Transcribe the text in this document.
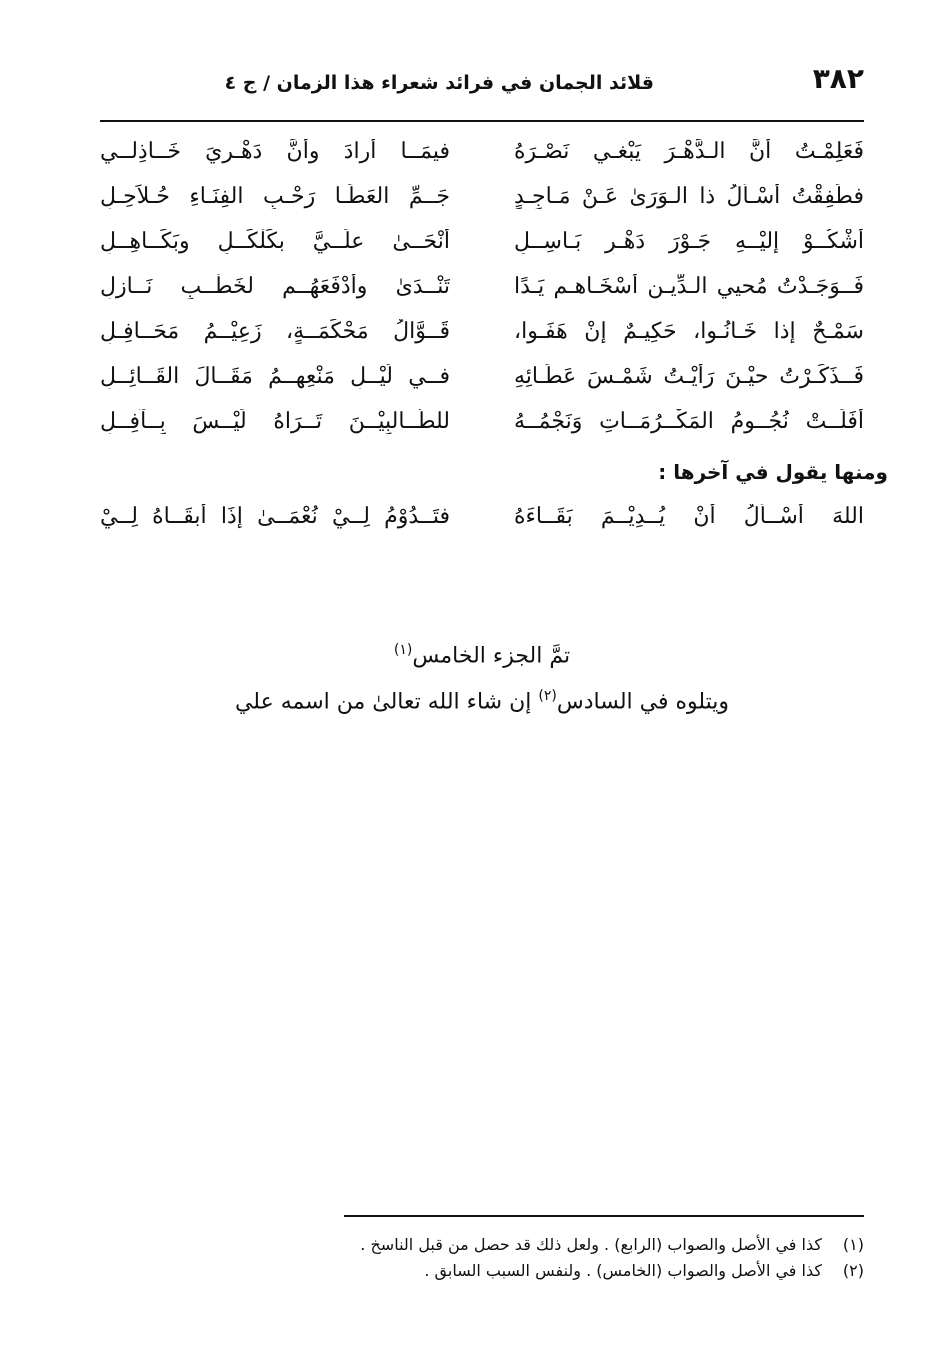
٣٨٢
قلائد الجمان في فرائد شعراء هذا الزمان / ج ٤
فَعَلِمْـتُ أنَّ الـدَّهْـرَ يَبْغـي نَصْـرَهُ
فيمَــا أرادَ وأنَّ دَهْـرِيَ خَــاذِلــي
فطَفِقْتُ أسْـأَلُ ذا الـوَرَىٰ عَـنْ مَـاجِـدٍ
جَــمِّ العَطَـا رَحْـبِ الفِنَـاءِ حُـلاَحِـلِ
أشْكُــوْ إليْــهِ جَـوْرَ دَهْـرٍ بَـاسِــلٍ
أنْحَــىٰ علَــيَّ بكَلْكَــلٍ وبَكَــاهِــلِ
فَــوَجَـدْتُ مُحيي الـدِّيـنِ أسْخَـاهـم يَـدًا
تَنْــدَىٰ وأدْفَعَهُــم لخَطْــبٍ نَــازِلِ
سَمْـحٌ إذا خَـانُـوا، حَكِيـمٌ إنْ هَفَـوا،
قَــوَّالُ مَحْكَمَــةٍ، زَعِيْــمُ مَحَــافِـلِ
فَــذَكَـرْتُ حيْـنَ رَأيْـتُ شَمْـسَ عَطَـائِهِ
فــي لَيْــلِ مَنْعِهِــمُ مَقَــالَ القَــائِــلِ
أفَلَــتْ نُجُــومُ المَكْــرُمَــاتِ وَنَجْمُــهُ
للطَّــالبِيْــنَ تَــرَاهُ لَيْــسَ بِــآفِــلِ
ومنها يقول في آخرها :
اللهَ أسْــأَلُ أنْ يُــدِيْــمَ بَقَــاءَهُ
فتَــدُوْمُ لِــيْ نُعْمَــىٰ إذَا أبقَــاهُ لِــيْ
تمَّ الجزء الخامس$^{(١)}$
ويتلوه في السادس$^{(٢)}$ إن شاء الله تعالىٰ من اسمه علي
(١)
كذا في الأصل والصواب (الرابع) . ولعل ذلك قد حصل من قبل الناسخ .
(٢)
كذا في الأصل والصواب (الخامس) . ولنفس السبب السابق .
